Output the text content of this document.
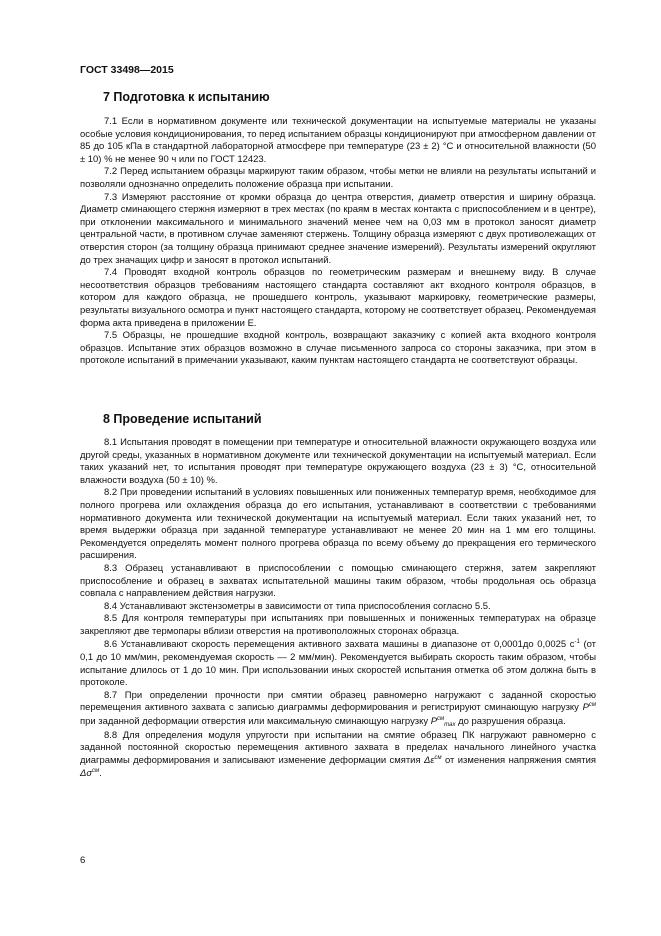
ГОСТ 33498—2015
7 Подготовка к испытанию

7.1 Если в нормативном документе или технической документации на испытуемые материалы не указаны особые условия кондиционирования, то перед испытанием образцы кондиционируют при атмосферном давлении от 85 до 105 кПа в стандартной лабораторной атмосфере при температуре (23 ± 2) °С и относительной влажности (50 ± 10) % не менее 90 ч или по ГОСТ 12423.

7.2 Перед испытанием образцы маркируют таким образом, чтобы метки не влияли на результаты испытаний и позволяли однозначно определить положение образца при испытании.

7.3 Измеряют расстояние от кромки образца до центра отверстия, диаметр отверстия и ширину образца. Диаметр сминающего стержня измеряют в трех местах (по краям в местах контакта с приспособлением и в центре), при отклонении максимального и минимального значений менее чем на 0,03 мм в протокол заносят диаметр центральной части, в противном случае заменяют стержень. Толщину образца измеряют с двух противолежащих от отверстия сторон (за толщину образца принимают среднее значение измерений). Результаты измерений округляют до трех значащих цифр и заносят в протокол испытаний.

7.4 Проводят входной контроль образцов по геометрическим размерам и внешнему виду. В случае несоответствия образцов требованиям настоящего стандарта составляют акт входного контроля образцов, в котором для каждого образца, не прошедшего контроль, указывают маркировку, геометрические размеры, результаты визуального осмотра и пункт настоящего стандарта, которому не соответствует образец. Рекомендуемая форма акта приведена в приложении Е.

7.5 Образцы, не прошедшие входной контроль, возвращают заказчику с копией акта входного контроля образцов. Испытание этих образцов возможно в случае письменного запроса со стороны заказчика, при этом в протоколе испытаний в примечании указывают, каким пунктам настоящего стандарта не соответствуют образцы.

8 Проведение испытаний

8.1 Испытания проводят в помещении при температуре и относительной влажности окружающего воздуха или другой среды, указанных в нормативном документе или технической документации на испытуемый материал. Если таких указаний нет, то испытания проводят при температуре окружающего воздуха (23 ± 3) °С, относительной влажности воздуха (50 ± 10) %.

8.2 При проведении испытаний в условиях повышенных или пониженных температур время, необходимое для полного прогрева или охлаждения образца до его испытания, устанавливают в соответствии с требованиями нормативного документа или технической документации на испытуемый материал. Если таких указаний нет, то время выдержки образца при заданной температуре устанавливают не менее 20 мин на 1 мм его толщины. Рекомендуется определять момент полного прогрева образца по всему объему до прекращения его термического расширения.

8.3 Образец устанавливают в приспособлении с помощью сминающего стержня, затем закрепляют приспособление и образец в захватах испытательной машины таким образом, чтобы продольная ось образца совпала с направлением действия нагрузки.

8.4 Устанавливают экстензометры в зависимости от типа приспособления согласно 5.5.

8.5 Для контроля температуры при испытаниях при повышенных и пониженных температурах на образце закрепляют две термопары вблизи отверстия на противоположных сторонах образца.

8.6 Устанавливают скорость перемещения активного захвата машины в диапазоне от 0,0001до 0,0025 $с^{-1}$ (от 0,1 до 10 мм/мин, рекомендуемая скорость — 2 мм/мин). Рекомендуется выбирать скорость таким образом, чтобы испытание длилось от 1 до 10 мин. При использовании иных скоростей испытания отметка об этом должна быть в протоколе.

8.7 При определении прочности при смятии образец равномерно нагружают с заданной скоростью перемещения активного захвата с записью диаграммы деформирования и регистрируют сминающую нагрузку $P^{см}$ при заданной деформации отверстия или максимальную сминающую нагрузку $P^{см}_{max}$ до разрушения образца.

8.8 Для определения модуля упругости при испытании на смятие образец ПК нагружают равномерно с заданной постоянной скоростью перемещения активного захвата в пределах начального линейного участка диаграммы деформирования и записывают изменение деформации смятия $\Delta\varepsilon^{см}$ от изменения напряжения смятия $\Delta\sigma^{см}$.

6
